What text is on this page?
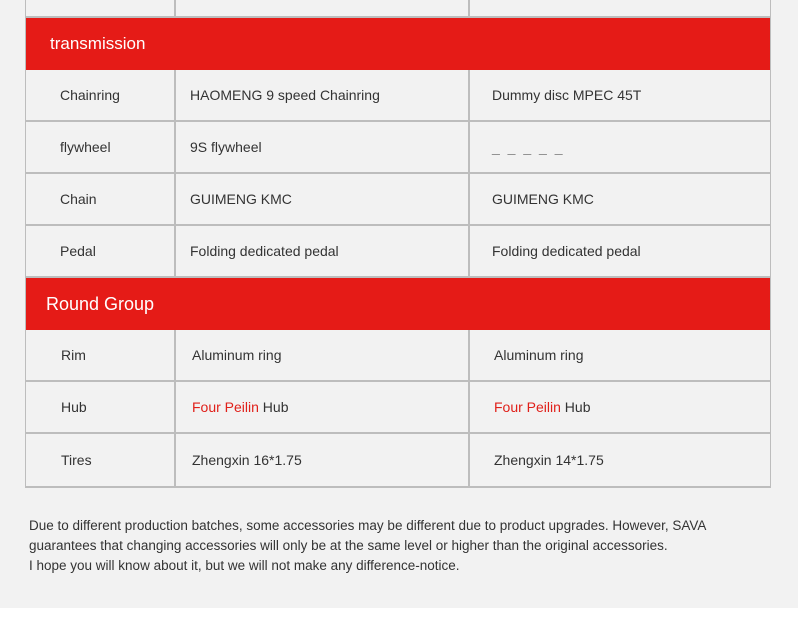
transmission
Chainring	HAOMENG 9 speed Chainring	Dummy disc MPEC 45T
flywheel	9S flywheel	_ _ _ _ _
Chain	GUIMENG KMC	GUIMENG KMC
Pedal	Folding dedicated pedal	Folding dedicated pedal
Round Group
Rim	Aluminum ring	Aluminum ring
Hub	Four Peilin Hub	Four Peilin Hub
Tires	Zhengxin 16*1.75	Zhengxin 14*1.75

Due to different production batches, some accessories may be different due to product upgrades. However, SAVA

guarantees that changing accessories will only be at the same level or higher than the original accessories.

I hope you will know about it, but we will not make any difference-notice.
